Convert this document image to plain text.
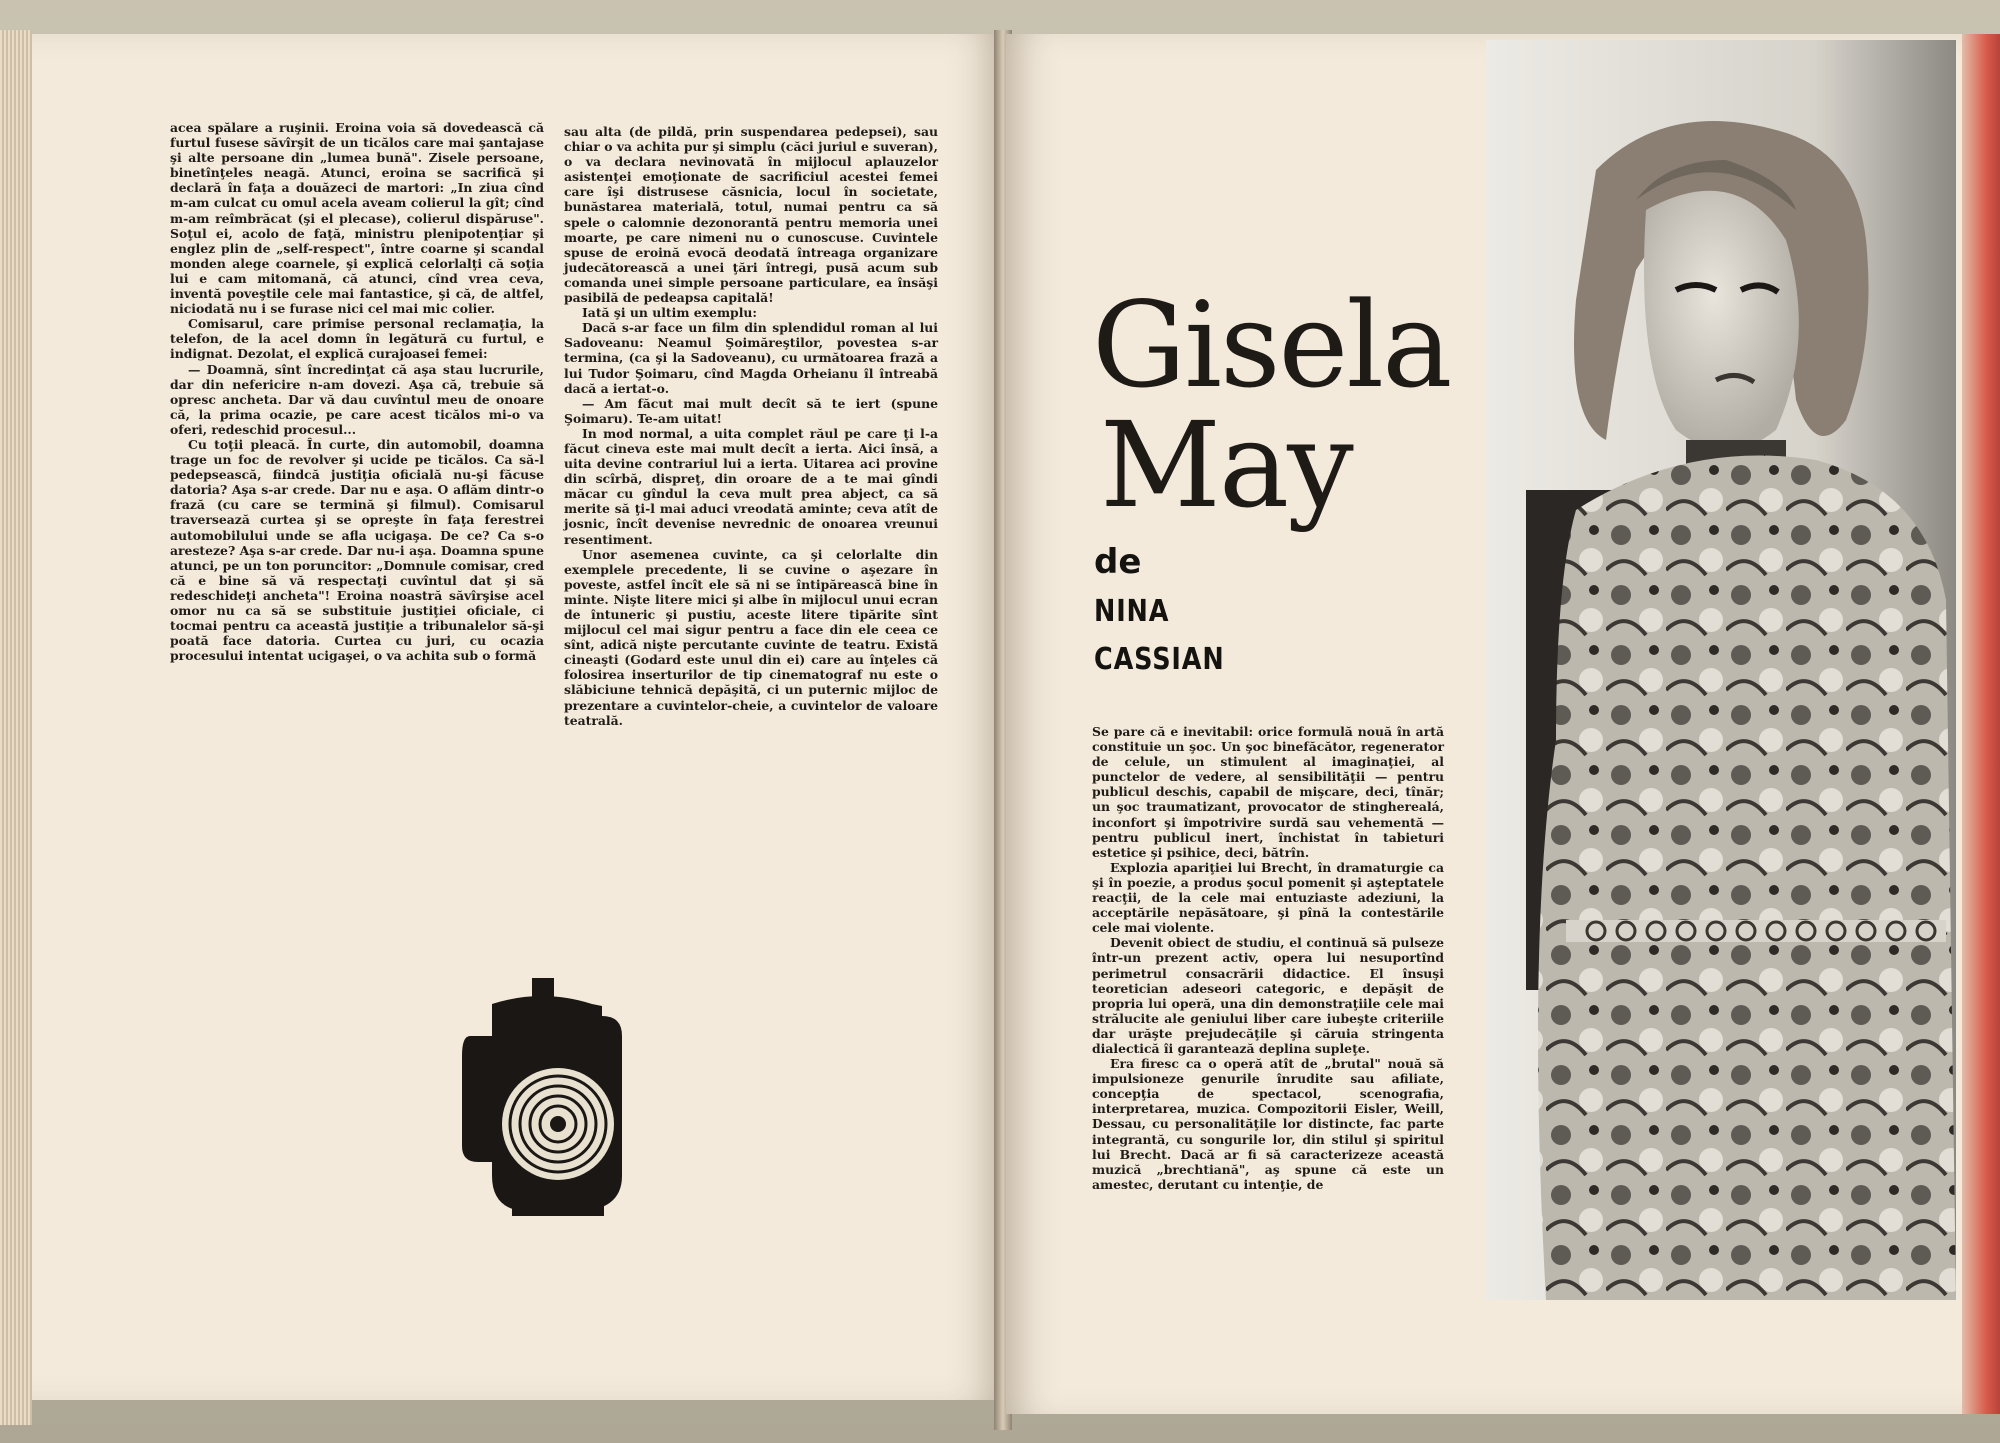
acea spălare a ruşinii. Eroina voia să dovedească că furtul fusese săvîrşit de un ticălos care mai şantajase şi alte persoane din „lumea bună". Zisele persoane, binetînţeles neagă. Atunci, eroina se sacrifică şi declară în faţa a douăzeci de martori: „In ziua cînd m-am culcat cu omul acela aveam colierul la gît; cînd m-am reîmbrăcat (şi el plecase), colierul dispăruse". Soţul ei, acolo de faţă, ministru plenipotenţiar şi englez plin de „self-respect", între coarne şi scandal monden alege coarnele, şi explică celorlalţi că soţia lui e cam mitomană, că atunci, cînd vrea ceva, inventă poveştile cele mai fantastice, şi că, de altfel, niciodată nu i se furase nici cel mai mic colier.

Comisarul, care primise personal reclamaţia, la telefon, de la acel domn în legătură cu furtul, e indignat. Dezolat, el explică curajoasei femei:

— Doamnă, sînt încredinţat că aşa stau lucrurile, dar din nefericire n-am dovezi. Aşa că, trebuie să opresc ancheta. Dar vă dau cuvîntul meu de onoare că, la prima ocazie, pe care acest ticălos mi-o va oferi, redeschid procesul...

Cu toţii pleacă. În curte, din automobil, doamna trage un foc de revolver şi ucide pe ticălos. Ca să-l pedepsească, fiindcă justiţia oficială nu-şi făcuse datoria? Aşa s-ar crede. Dar nu e aşa. O aflăm dintr-o frază (cu care se termină şi filmul). Comisarul traversează curtea şi se opreşte în faţa ferestrei automobilului unde se afla ucigaşa. De ce? Ca s-o aresteze? Aşa s-ar crede. Dar nu-i aşa. Doamna spune atunci, pe un ton poruncitor: „Domnule comisar, cred că e bine să vă respectaţi cuvîntul dat şi să redeschideţi ancheta"! Eroina noastră săvîrşise acel omor nu ca să se substituie justiţiei oficiale, ci tocmai pentru ca această justiţie a tribunalelor să-şi poată face datoria. Curtea cu juri, cu ocazia procesului intentat ucigaşei, o va achita sub o formă

sau alta (de pildă, prin suspendarea pedepsei), sau chiar o va achita pur şi simplu (căci juriul e suveran), o va declara nevinovată în mijlocul aplauzelor asistenţei emoţionate de sacrificiul acestei femei care îşi distrusese căsnicia, locul în societate, bunăstarea materială, totul, numai pentru ca să spele o calomnie dezonorantă pentru memoria unei moarte, pe care nimeni nu o cunoscuse. Cuvintele spuse de eroină evocă deodată întreaga organizare judecătorească a unei ţări întregi, pusă acum sub comanda unei simple persoane particulare, ea însăşi pasibilă de pedeapsa capitală!

Iată şi un ultim exemplu:

Dacă s-ar face un film din splendidul roman al lui Sadoveanu: Neamul Şoimăreştilor, povestea s-ar termina, (ca şi la Sadoveanu), cu următoarea frază a lui Tudor Şoimaru, cînd Magda Orheianu îl întreabă dacă a iertat-o.

— Am făcut mai mult decît să te iert (spune Şoimaru). Te-am uitat!

In mod normal, a uita complet răul pe care ţi l-a făcut cineva este mai mult decît a ierta. Aici însă, a uita devine contrariul lui a ierta. Uitarea aci provine din scîrbă, dispreţ, din oroare de a te mai gîndi măcar cu gîndul la ceva mult prea abject, ca să merite să ţi-l mai aduci vreodată aminte; ceva atît de josnic, încît devenise nevrednic de onoarea vreunui resentiment.

Unor asemenea cuvinte, ca şi celorlalte din exemplele precedente, li se cuvine o aşezare în poveste, astfel încît ele să ni se întipărească bine în minte. Nişte litere mici şi albe în mijlocul unui ecran de întuneric şi pustiu, aceste litere tipărite sînt mijlocul cel mai sigur pentru a face din ele ceea ce sînt, adică nişte percutante cuvinte de teatru. Există cineaşti (Godard este unul din ei) care au înţeles că folosirea inserturilor de tip cinematograf nu este o slăbiciune tehnică depăşită, ci un puternic mijloc de prezentare a cuvintelor-cheie, a cuvintelor de valoare teatrală.

Gisela
May
de
NINA
CASSIAN

Se pare că e inevitabil: orice formulă nouă în artă constituie un şoc. Un şoc binefăcător, regenerator de celule, un stimulent al imaginaţiei, al punctelor de vedere, al sensibilităţii — pentru publicul deschis, capabil de mişcare, deci, tînăr; un şoc traumatizant, provocator de stingherealá, inconfort şi împotrivire surdă sau vehementă — pentru publicul inert, închistat în tabieturi estetice şi psihice, deci, bătrîn.

Explozia apariţiei lui Brecht, în dramaturgie ca şi în poezie, a produs şocul pomenit şi aşteptatele reacţii, de la cele mai entuziaste adeziuni, la acceptările nepăsătoare, şi pînă la contestările cele mai violente.

Devenit obiect de studiu, el continuă să pulseze într-un prezent activ, opera lui nesuportînd perimetrul consacrării didactice. El însuşi teoretician adeseori categoric, e depăşit de propria lui operă, una din demonstraţiile cele mai strălucite ale geniului liber care iubeşte criteriile dar urăşte prejudecăţile şi căruia stringenta dialectică îi garantează deplina supleţe.

Era firesc ca o operă atît de „brutal" nouă să impulsioneze genurile înrudite sau afiliate, concepţia de spectacol, scenografia, interpretarea, muzica. Compozitorii Eisler, Weill, Dessau, cu personalităţile lor distincte, fac parte integrantă, cu songurile lor, din stilul şi spiritul lui Brecht. Dacă ar fi să caracterizeze această muzică „brechtiană", aş spune că este un amestec, derutant cu intenţie, de
